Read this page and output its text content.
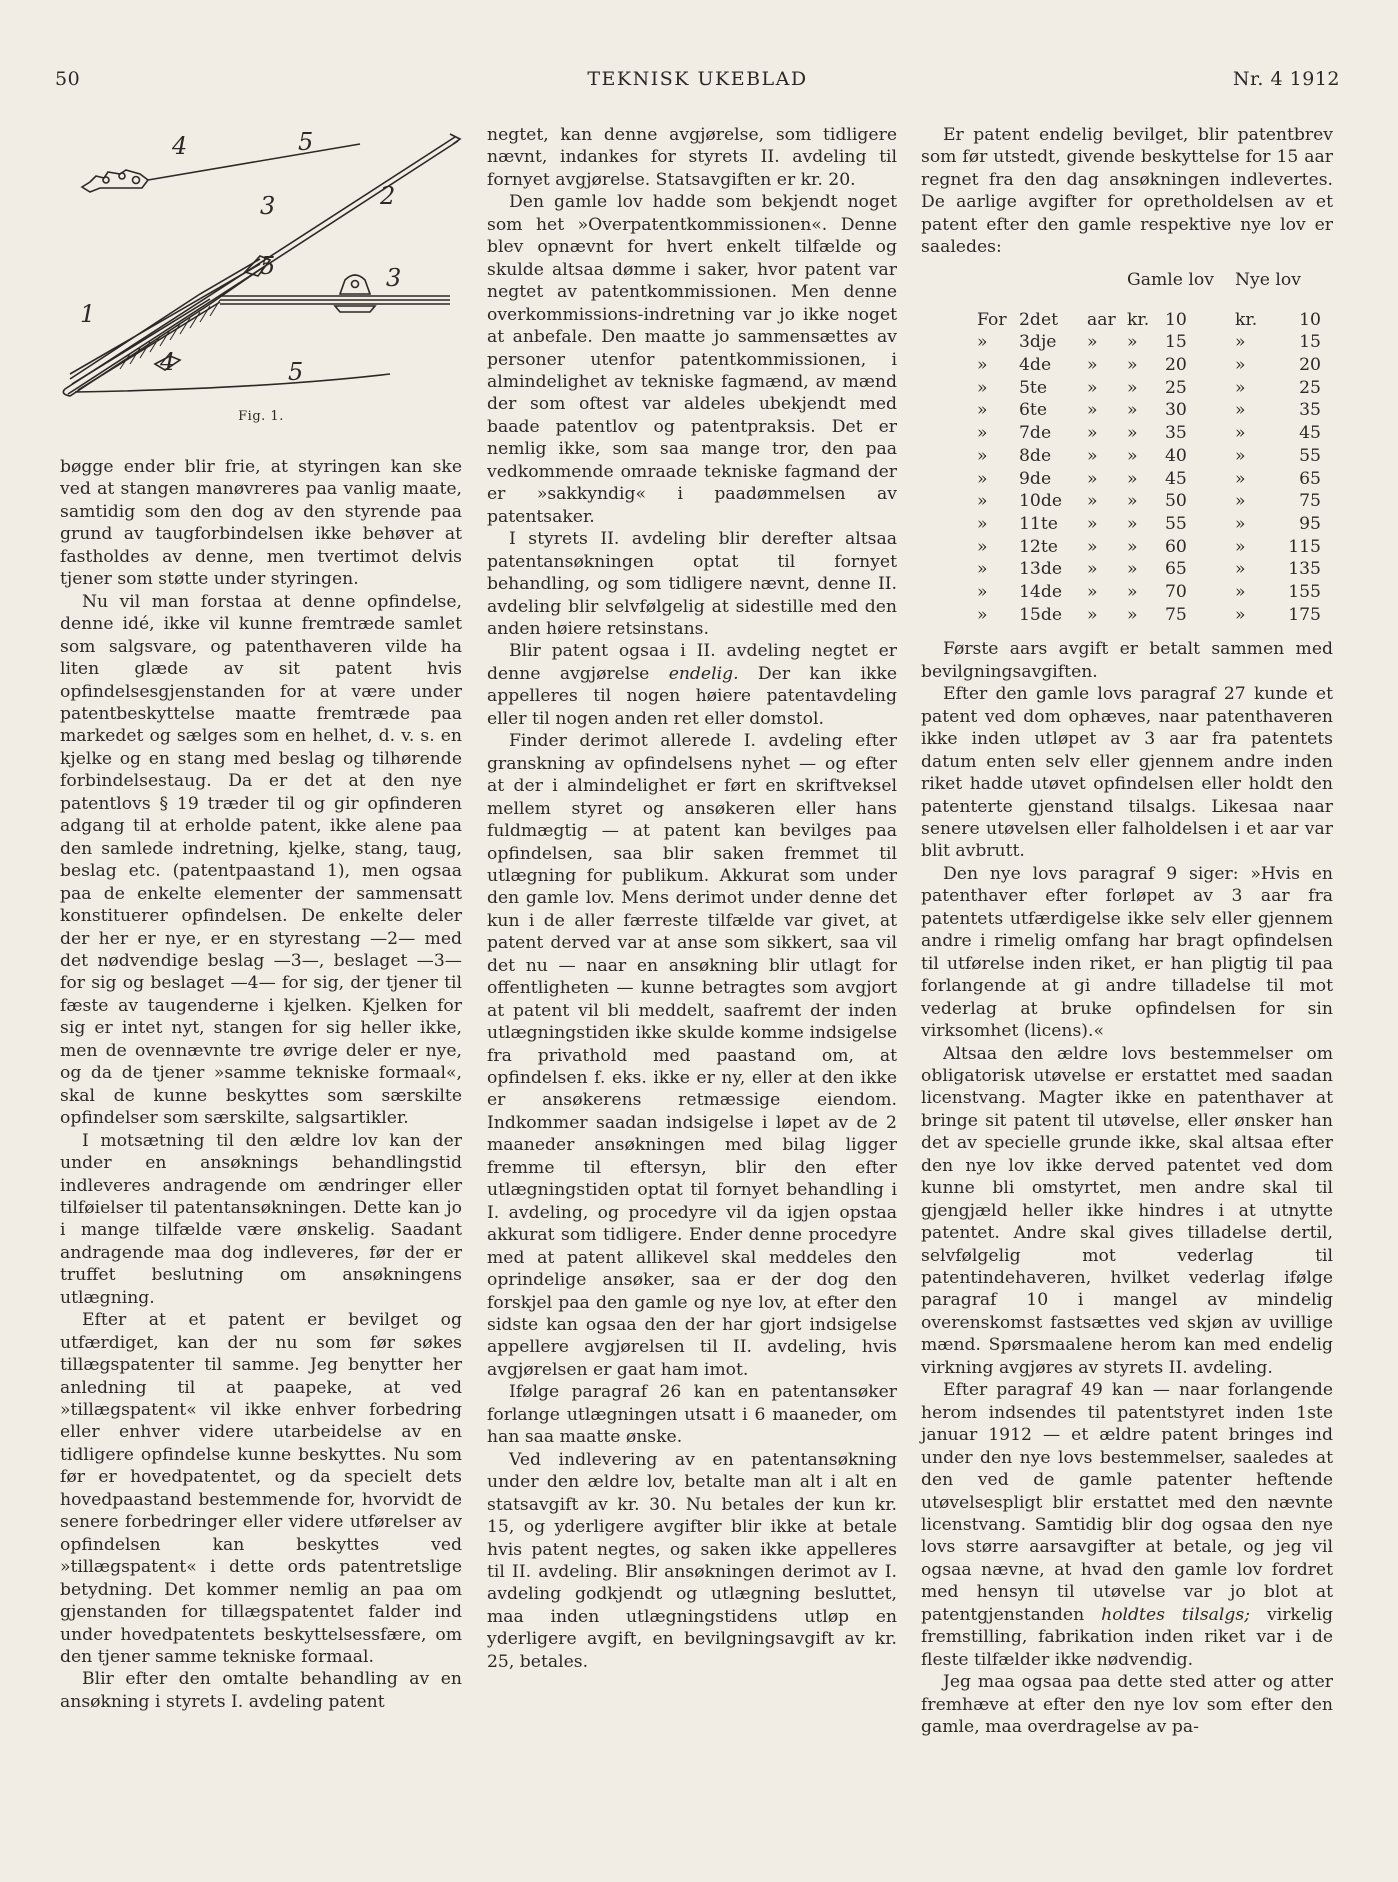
50	TEKNISK UKEBLAD	Nr. 4 1912
4	5
3	2
5	3
1
4	5
Fig. 1.

bøgge ender blir frie, at styringen kan ske ved at stangen manøvreres paa vanlig maate, samtidig som den dog av den styrende paa grund av taugforbindelsen ikke behøver at fastholdes av denne, men tvertimot delvis tjener som støtte under styringen.

Nu vil man forstaa at denne opfindelse, denne idé, ikke vil kunne fremtræde samlet som salgsvare, og patenthaveren vilde ha liten glæde av sit patent hvis opfindelsesgjenstanden for at være under patentbeskyttelse maatte fremtræde paa markedet og sælges som en helhet, d. v. s. en kjelke og en stang med beslag og tilhørende forbindelsestaug. Da er det at den nye patentlovs § 19 træder til og gir opfinderen adgang til at erholde patent, ikke alene paa den samlede indretning, kjelke, stang, taug, beslag etc. (patentpaastand 1), men ogsaa paa de enkelte elementer der sammensatt konstituerer opfindelsen. De enkelte deler der her er nye, er en styrestang —2— med det nødvendige beslag —3—, beslaget —3— for sig og beslaget —4— for sig, der tjener til fæste av taugenderne i kjelken. Kjelken for sig er intet nyt, stangen for sig heller ikke, men de ovennævnte tre øvrige deler er nye, og da de tjener »samme tekniske formaal«, skal de kunne beskyttes som særskilte opfindelser som særskilte, salgsartikler.

I motsætning til den ældre lov kan der under en ansøknings behandlingstid indleveres andragende om ændringer eller tilføielser til patentansøkningen. Dette kan jo i mange tilfælde være ønskelig. Saadant andragende maa dog indleveres, før der er truffet beslutning om ansøkningens utlægning.

Efter at et patent er bevilget og utfærdiget, kan der nu som før søkes tillægspatenter til samme. Jeg benytter her anledning til at paapeke, at ved »tillægspatent« vil ikke enhver forbedring eller enhver videre utarbeidelse av en tidligere opfindelse kunne beskyttes. Nu som før er hovedpatentet, og da specielt dets hovedpaastand bestemmende for, hvorvidt de senere forbedringer eller videre utførelser av opfindelsen kan beskyttes ved »tillægspatent« i dette ords patentretslige betydning. Det kommer nemlig an paa om gjenstanden for tillægspatentet falder ind under hovedpatentets beskyttelsessfære, om den tjener samme tekniske formaal.

Blir efter den omtalte behandling av en ansøkning i styrets I. avdeling patent

negtet, kan denne avgjørelse, som tidligere nævnt, indankes for styrets II. avdeling til fornyet avgjørelse. Statsavgiften er kr. 20.

Den gamle lov hadde som bekjendt noget som het »Overpatentkommissionen«. Denne blev opnævnt for hvert enkelt tilfælde og skulde altsaa dømme i saker, hvor patent var negtet av patentkommissionen. Men denne overkommissions-indretning var jo ikke noget at anbefale. Den maatte jo sammensættes av personer utenfor patentkommissionen, i almindelighet av tekniske fagmænd, av mænd der som oftest var aldeles ubekjendt med baade patentlov og patentpraksis. Det er nemlig ikke, som saa mange tror, den paa vedkommende omraade tekniske fagmand der er »sakkyndig« i paadømmelsen av patentsaker.

I styrets II. avdeling blir derefter altsaa patentansøkningen optat til fornyet behandling, og som tidligere nævnt, denne II. avdeling blir selvfølgelig at sidestille med den anden høiere retsinstans.

Blir patent ogsaa i II. avdeling negtet er denne avgjørelse endelig. Der kan ikke appelleres til nogen høiere patentavdeling eller til nogen anden ret eller domstol.

Finder derimot allerede I. avdeling efter granskning av opfindelsens nyhet — og efter at der i almindelighet er ført en skriftveksel mellem styret og ansøkeren eller hans fuldmægtig — at patent kan bevilges paa opfindelsen, saa blir saken fremmet til utlægning for publikum. Akkurat som under den gamle lov. Mens derimot under denne det kun i de aller færreste tilfælde var givet, at patent derved var at anse som sikkert, saa vil det nu — naar en ansøkning blir utlagt for offentligheten — kunne betragtes som avgjort at patent vil bli meddelt, saafremt der inden utlægningstiden ikke skulde komme indsigelse fra privathold med paastand om, at opfindelsen f. eks. ikke er ny, eller at den ikke er ansøkerens retmæssige eiendom. Indkommer saadan indsigelse i løpet av de 2 maaneder ansøkningen med bilag ligger fremme til eftersyn, blir den efter utlægningstiden optat til fornyet behandling i I. avdeling, og procedyre vil da igjen opstaa akkurat som tidligere. Ender denne procedyre med at patent allikevel skal meddeles den oprindelige ansøker, saa er der dog den forskjel paa den gamle og nye lov, at efter den sidste kan ogsaa den der har gjort indsigelse appellere avgjørelsen til II. avdeling, hvis avgjørelsen er gaat ham imot.

Ifølge paragraf 26 kan en patentansøker forlange utlægningen utsatt i 6 maaneder, om han saa maatte ønske.

Ved indlevering av en patentansøkning under den ældre lov, betalte man alt i alt en statsavgift av kr. 30. Nu betales der kun kr. 15, og yderligere avgifter blir ikke at betale hvis patent negtes, og saken ikke appelleres til II. avdeling. Blir ansøkningen derimot av I. avdeling godkjendt og utlægning besluttet, maa inden utlægningstidens utløp en yderligere avgift, en bevilgningsavgift av kr. 25, betales.

Er patent endelig bevilget, blir patentbrev som før utstedt, givende beskyttelse for 15 aar regnet fra den dag ansøkningen indlevertes. De aarlige avgifter for opretholdelsen av et patent efter den gamle respektive nye lov er saaledes:

			Gamle lov		Nye lov	
For	2det	aar	kr.	10	kr.	10
»	3dje	»	»	15	»	15
»	4de	»	»	20	»	20
»	5te	»	»	25	»	25
»	6te	»	»	30	»	35
»	7de	»	»	35	»	45
»	8de	»	»	40	»	55
»	9de	»	»	45	»	65
»	10de	»	»	50	»	75
»	11te	»	»	55	»	95
»	12te	»	»	60	»	115
»	13de	»	»	65	»	135
»	14de	»	»	70	»	155
»	15de	»	»	75	»	175

Første aars avgift er betalt sammen med bevilgningsavgiften.

Efter den gamle lovs paragraf 27 kunde et patent ved dom ophæves, naar patenthaveren ikke inden utløpet av 3 aar fra patentets datum enten selv eller gjennem andre inden riket hadde utøvet opfindelsen eller holdt den patenterte gjenstand tilsalgs. Likesaa naar senere utøvelsen eller falholdelsen i et aar var blit avbrutt.

Den nye lovs paragraf 9 siger: »Hvis en patenthaver efter forløpet av 3 aar fra patentets utfærdigelse ikke selv eller gjennem andre i rimelig omfang har bragt opfindelsen til utførelse inden riket, er han pligtig til paa forlangende at gi andre tilladelse til mot vederlag at bruke opfindelsen for sin virksomhet (licens).«

Altsaa den ældre lovs bestemmelser om obligatorisk utøvelse er erstattet med saadan licenstvang. Magter ikke en patenthaver at bringe sit patent til utøvelse, eller ønsker han det av specielle grunde ikke, skal altsaa efter den nye lov ikke derved patentet ved dom kunne bli omstyrtet, men andre skal til gjengjæld heller ikke hindres i at utnytte patentet. Andre skal gives tilladelse dertil, selvfølgelig mot vederlag til patentindehaveren, hvilket vederlag ifølge paragraf 10 i mangel av mindelig overenskomst fastsættes ved skjøn av uvillige mænd. Spørsmaalene herom kan med endelig virkning avgjøres av styrets II. avdeling.

Efter paragraf 49 kan — naar forlangende herom indsendes til patentstyret inden 1ste januar 1912 — et ældre patent bringes ind under den nye lovs bestemmelser, saaledes at den ved de gamle patenter heftende utøvelsespligt blir erstattet med den nævnte licenstvang. Samtidig blir dog ogsaa den nye lovs større aarsavgifter at betale, og jeg vil ogsaa nævne, at hvad den gamle lov fordret med hensyn til utøvelse var jo blot at patentgjenstanden holdtes tilsalgs; virkelig fremstilling, fabrikation inden riket var i de fleste tilfælder ikke nødvendig.

Jeg maa ogsaa paa dette sted atter og atter fremhæve at efter den nye lov som efter den gamle, maa overdragelse av pa-
